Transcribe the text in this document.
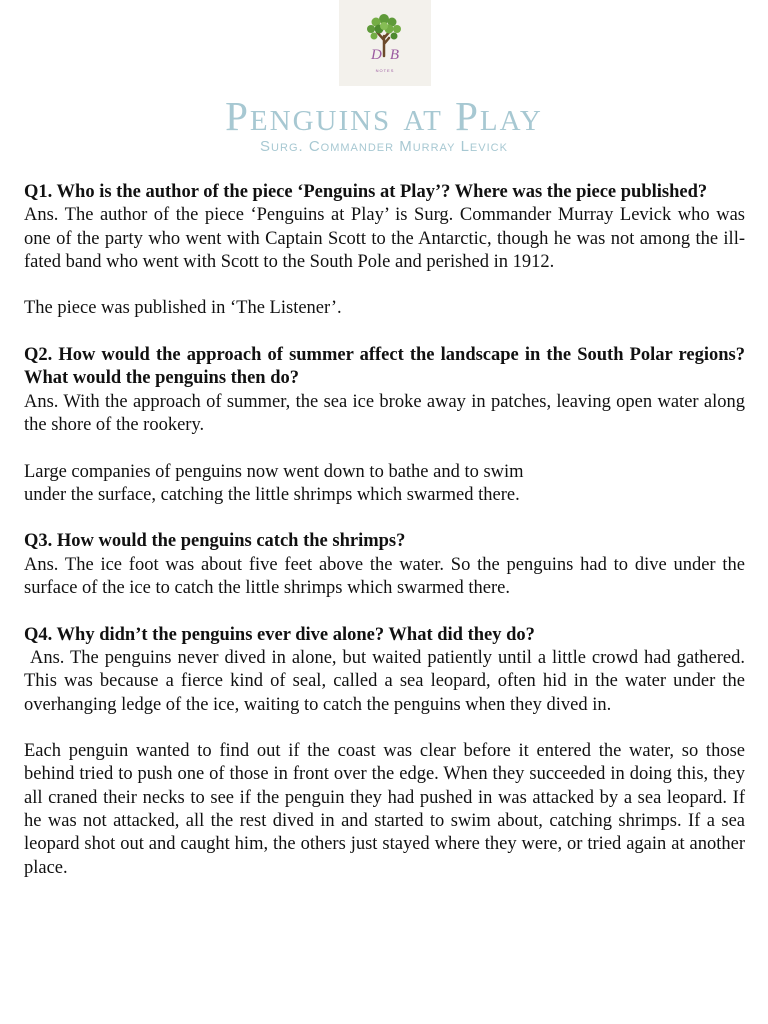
DB
NOTES
Penguins at Play
Surg. Commander Murray Levick

Q1. Who is the author of the piece ‘Penguins at Play’? Where was the piece published?

Ans. The author of the piece ‘Penguins at Play’ is Surg. Commander Murray Levick who was one of the party who went with Captain Scott to the Antarctic, though he was not among the ill-fated band who went with Scott to the South Pole and perished in 1912.

The piece was published in ‘The Listener’.

Q2. How would the approach of summer affect the landscape in the South Polar regions? What would the penguins then do?

Ans. With the approach of summer, the sea ice broke away in patches, leaving open water along the shore of the rookery.

Large companies of penguins now went down to bathe and to swim
under the surface, catching the little shrimps which swarmed there.

Q3. How would the penguins catch the shrimps?

Ans. The ice foot was about five feet above the water. So the penguins had to dive under the surface of the ice to catch the little shrimps which swarmed there.

Q4. Why didn’t the penguins ever dive alone? What did they do?

Ans. The penguins never dived in alone, but waited patiently until a little crowd had gathered. This was because a fierce kind of seal, called a sea leopard, often hid in the water under the overhanging ledge of the ice, waiting to catch the penguins when they dived in.

Each penguin wanted to find out if the coast was clear before it entered the water, so those behind tried to push one of those in front over the edge. When they succeeded in doing this, they all craned their necks to see if the penguin they had pushed in was attacked by a sea leopard. If he was not attacked, all the rest dived in and started to swim about, catching shrimps. If a sea leopard shot out and caught him, the others just stayed where they were, or tried again at another place.
